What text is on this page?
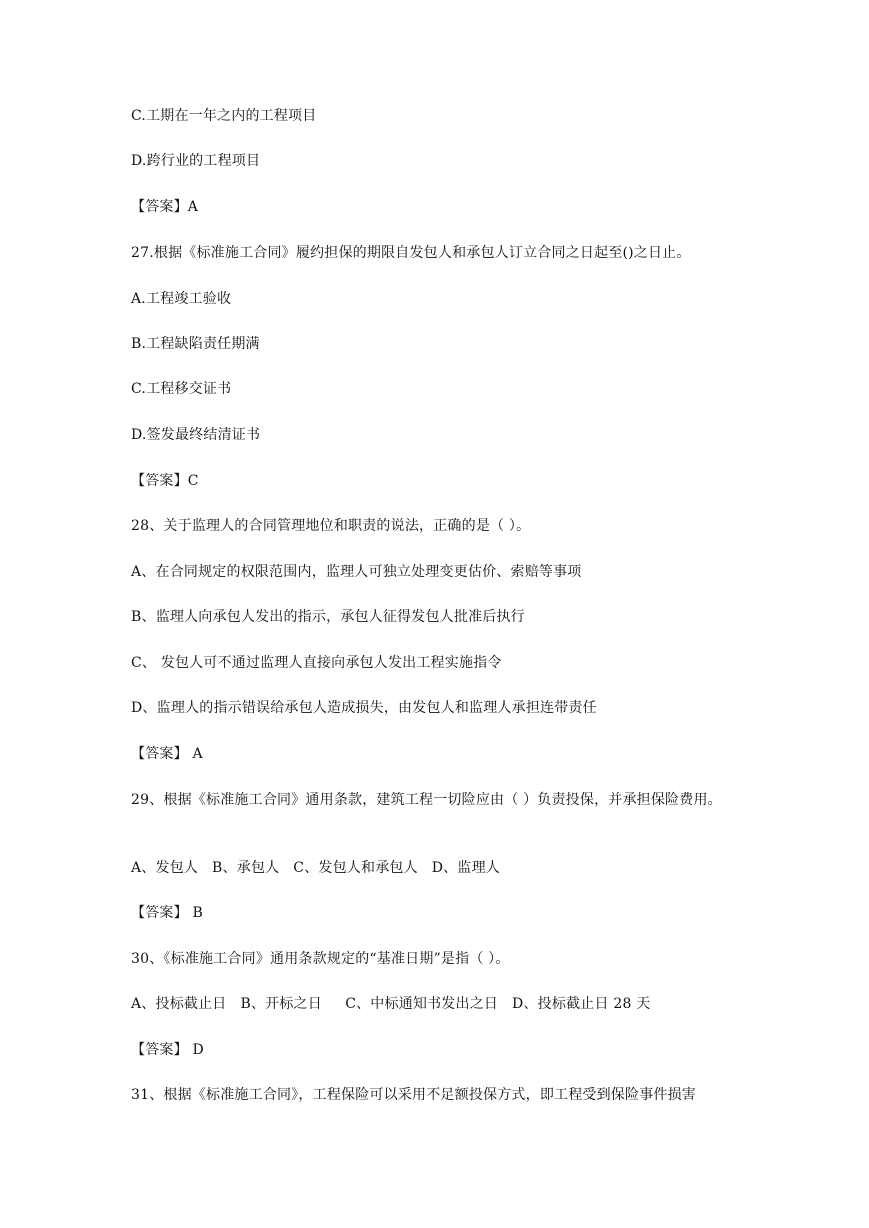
C.工期在一年之内的工程项目
D.跨行业的工程项目
【答案】A
27.根据《标准施工合同》履约担保的期限自发包人和承包人订立合同之日起至()之日止。
A.工程竣工验收
B.工程缺陷责任期满
C.工程移交证书
D.签发最终结清证书
【答案】C
28、关于监理人的合同管理地位和职责的说法，正确的是（ ）。
A、在合同规定的权限范围内，监理人可独立处理变更估价、索赔等事项
B、监理人向承包人发出的指示，承包人征得发包人批准后执行
C、 发包人可不通过监理人直接向承包人发出工程实施指令
D、监理人的指示错误给承包人造成损失，由发包人和监理人承担连带责任
【答案】 A
29、根据《标准施工合同》通用条款，建筑工程一切险应由（ ）负责投保，并承担保险费用。
A、发包人   B、承包人   C、发包人和承包人   D、监理人
【答案】 B
30、《标准施工合同》通用条款规定的“基准日期”是指（ ）。
A、投标截止日   B、开标之日     C、中标通知书发出之日   D、投标截止日 28 天
【答案】 D
31、根据《标准施工合同》，工程保险可以采用不足额投保方式，即工程受到保险事件损害
